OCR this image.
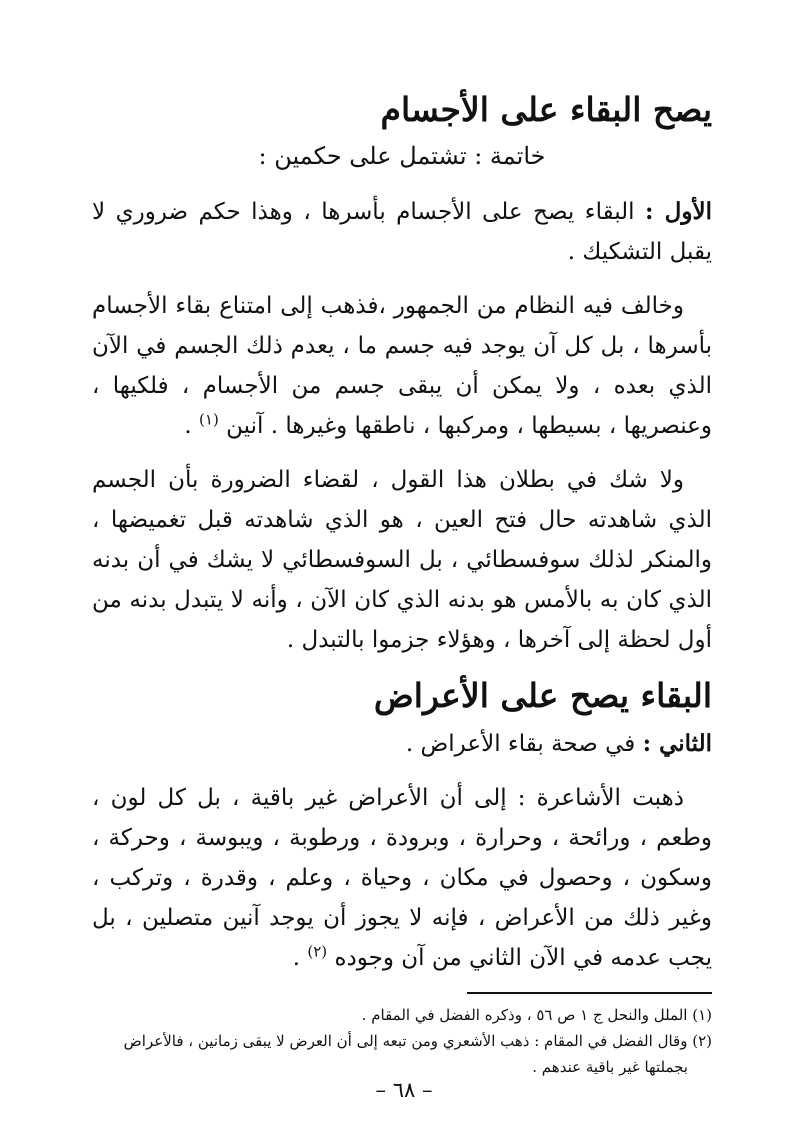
يصح البقاء على الأجسام
خاتمة : تشتمل على حكمين :

الأول : البقاء يصح على الأجسام بأسرها ، وهذا حكم ضروري لا يقبل التشكيك .

وخالف فيه النظام من الجمهور ،فذهب إلى امتناع بقاء الأجسام بأسرها ، بل كل آن يوجد فيه جسم ما ، يعدم ذلك الجسم في الآن الذي بعده ، ولا يمكن أن يبقى جسم من الأجسام ، فلكيها ، وعنصريها ، بسيطها ، ومركبها ، ناطقها وغيرها . آنين $^{(١)}$ .

ولا شك في بطلان هذا القول ، لقضاء الضرورة بأن الجسم الذي شاهدته حال فتح العين ، هو الذي شاهدته قبل تغميضها ، والمنكر لذلك سوفسطائي ، بل السوفسطائي لا يشك في أن بدنه الذي كان به بالأمس هو بدنه الذي كان الآن ، وأنه لا يتبدل بدنه من أول لحظة إلى آخرها ، وهؤلاء جزموا بالتبدل .

البقاء يصح على الأعراض

الثاني : في صحة بقاء الأعراض .

ذهبت الأشاعرة : إلى أن الأعراض غير باقية ، بل كل لون ، وطعم ، ورائحة ، وحرارة ، وبرودة ، ورطوبة ، ويبوسة ، وحركة ، وسكون ، وحصول في مكان ، وحياة ، وعلم ، وقدرة ، وتركب ، وغير ذلك من الأعراض ، فإنه لا يجوز أن يوجد آنين متصلين ، بل يجب عدمه في الآن الثاني من آن وجوده $^{(٢)}$ .

(١) الملل والنحل ج ١ ص ٥٦ ، وذكره الفضل في المقام .
(٢) وقال الفضل في المقام : ذهب الأشعري ومن تبعه إلى أن العرض لا يبقى زمانين ، فالأعراض
بجملتها غير باقية عندهم .
– ٦٨ –
